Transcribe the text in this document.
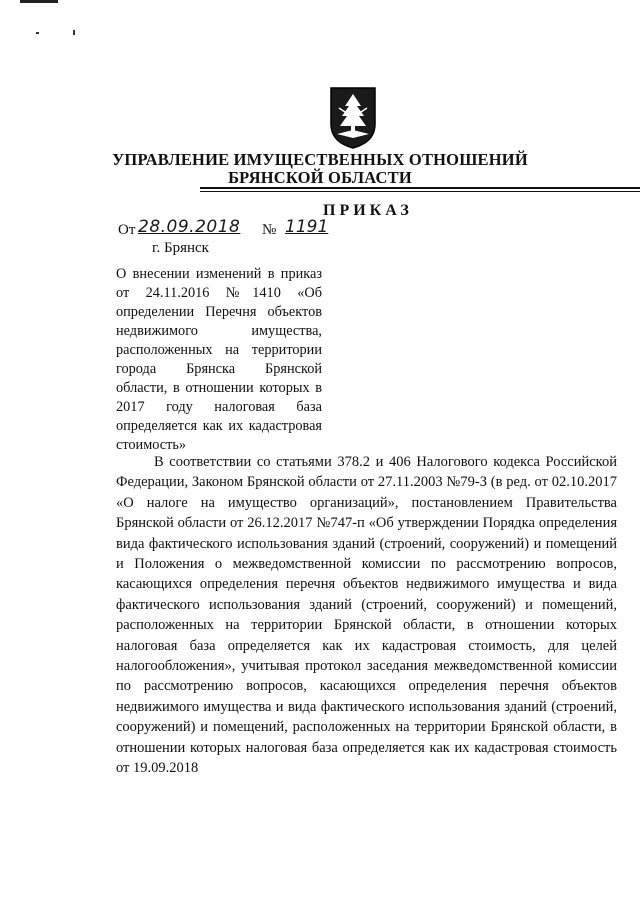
УПРАВЛЕНИЕ ИМУЩЕСТВЕННЫХ ОТНОШЕНИЙ
БРЯНСКОЙ ОБЛАСТИ
ПРИКАЗ
От 28.09.2018 № 1191
г. Брянск
О внесении изменений в приказ от 24.11.2016 №1410 «Об определении Перечня объектов недвижимого имущества, расположенных на территории города Брянска Брянской области, в отношении которых в 2017 году налоговая база определяется как их кадастровая стоимость»
В соответствии со статьями 378.2 и 406 Налогового кодекса Российской Федерации, Законом Брянской области от 27.11.2003 №79-З (в ред. от 02.10.2017 «О налоге на имущество организаций», постановлением Правительства Брянской области от 26.12.2017 №747-п «Об утверждении Порядка определения вида фактического использования зданий (строений, сооружений) и помещений и Положения о межведомственной комиссии по рассмотрению вопросов, касающихся определения перечня объектов недвижимого имущества и вида фактического использования зданий (строений, сооружений) и помещений, расположенных на территории Брянской области, в отношении которых налоговая база определяется как их кадастровая стоимость, для целей налогообложения», учитывая протокол заседания межведомственной комиссии по рассмотрению вопросов, касающихся определения перечня объектов недвижимого имущества и вида фактического использования зданий (строений, сооружений) и помещений, расположенных на территории Брянской области, в отношении которых налоговая база определяется как их кадастровая стоимость от 19.09.2018
